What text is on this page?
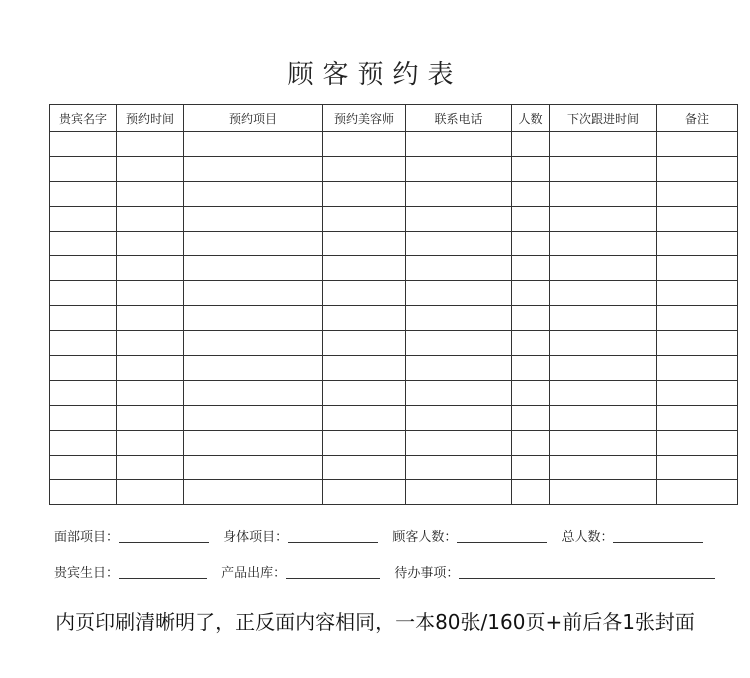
顾客预约表
贵宾名字	预约时间	预约项目	预约美容师	联系电话	人数	下次跟进时间	备注

面部项目：	身体项目：	顾客人数：	总人数：
贵宾生日：	产品出库：	待办事项：
内页印刷清晰明了，正反面内容相同，一本80张/160页+前后各1张封面
